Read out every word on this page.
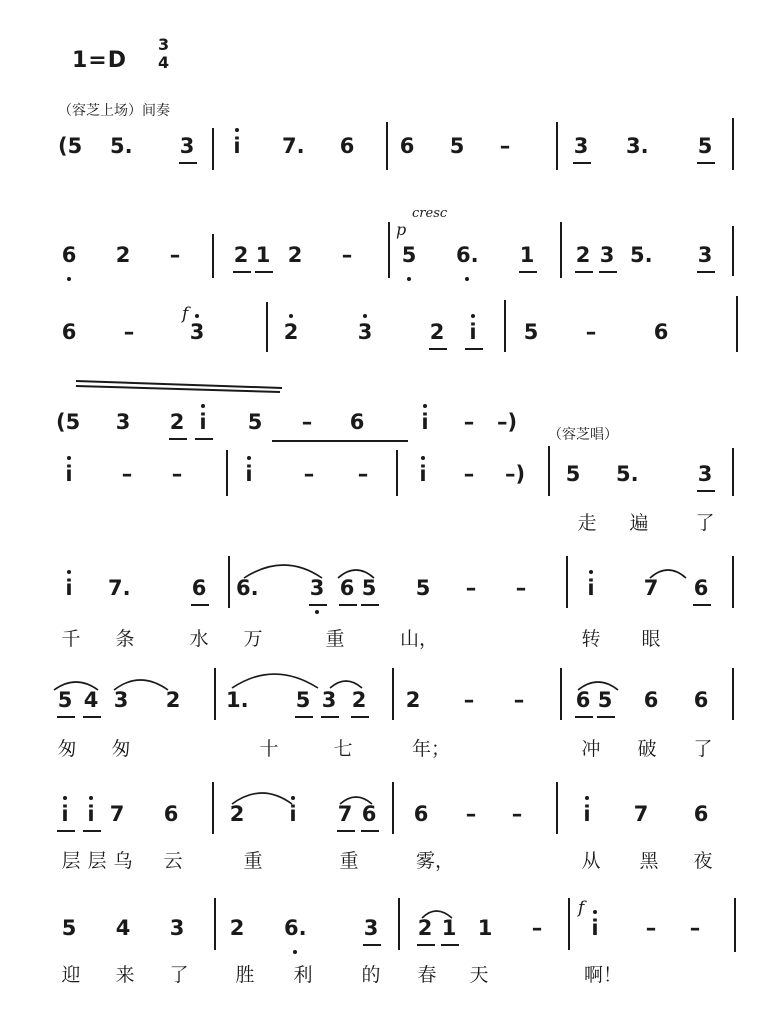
1=D
3
4
（容芝上场）间奏
（容芝唱）
cresc
p
f
f
(5 5. 3	i	7. 6 6 5 –	3 3. 5
6 2 –	2 1 2 – 5 6. 1 2 3 5. 3
6 –	3	2	3	2	i	5 –	6
(5 3 2 i	5 – 6	i	– –)
i	– –	i	– –	i	– –) 5 5.	3
i	7.	6 6. 3 6 5 5 – –	i	7 6
5 4 3 2 1. 5 3 2 2 – – 6 5 6 6
i i 7 6 2	i	7 6 6 – –	i	7 6
5 4 3 2 6.	3 2 1 1 –	i	– –
走 遍 了
千 条	水 万	重	山，	转 眼
匆 匆	十	七	年；	冲 破 了
层 层 乌 云	重	重	雾，	从 黑 夜
迎 来 了 胜 利	的 春 天	啊！
